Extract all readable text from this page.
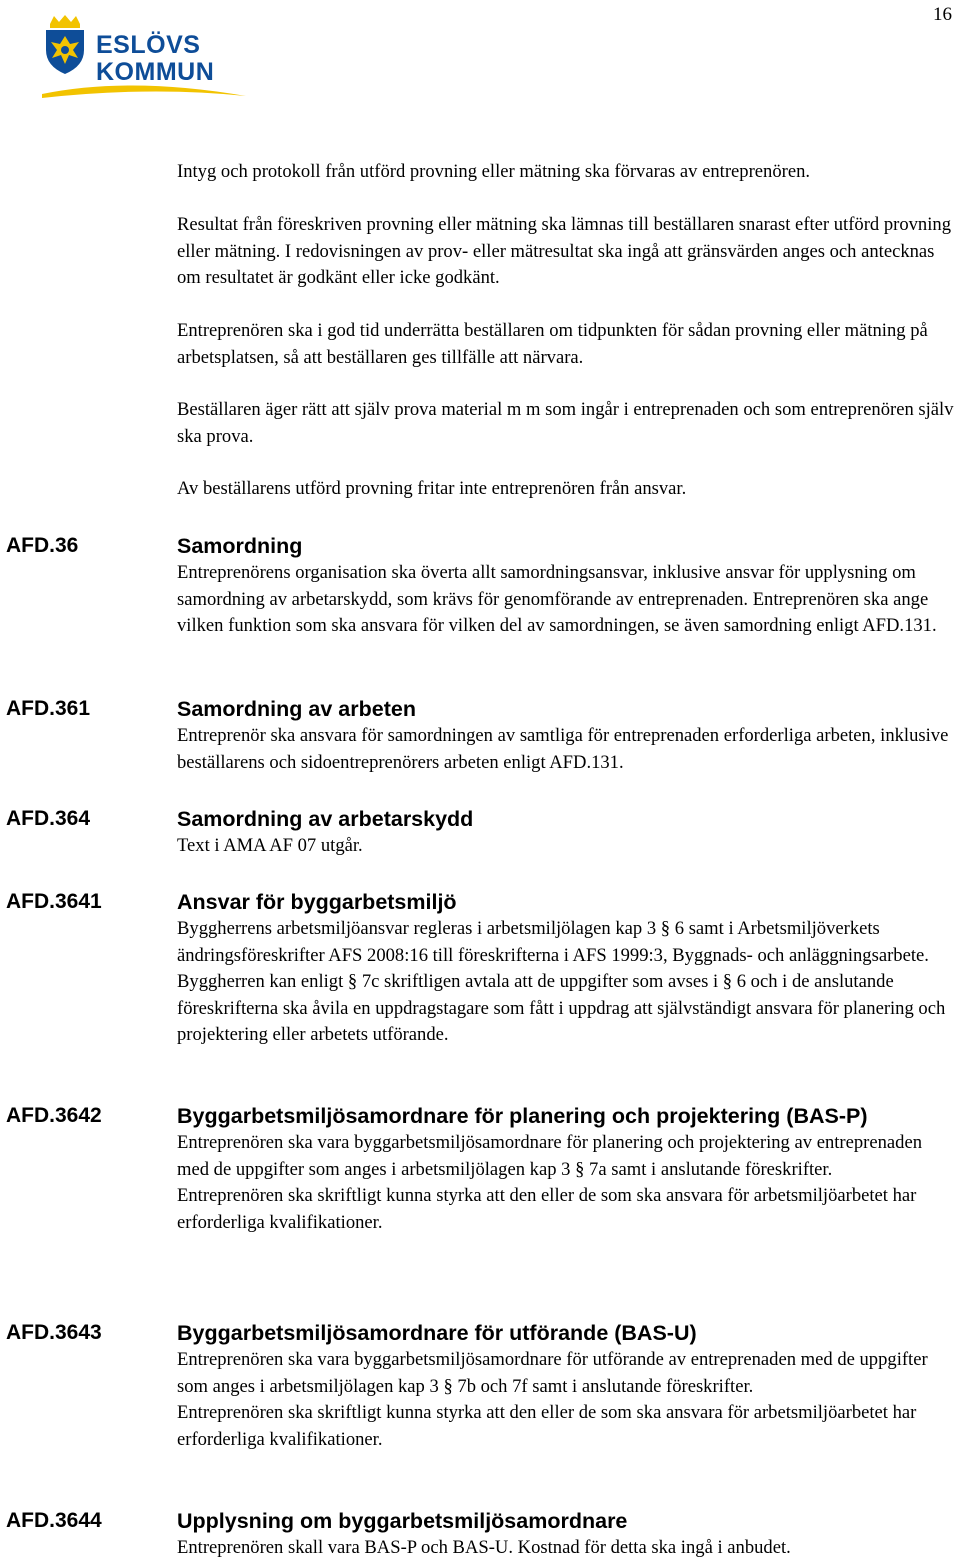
16
ESLÖVS
KOMMUN

Intyg och protokoll från utförd provning eller mätning ska förvaras av entreprenören.

Resultat från föreskriven provning eller mätning ska lämnas till beställaren snarast efter utförd provning eller mätning. I redovisningen av prov- eller mätresultat ska ingå att gränsvärden anges och antecknas om resultatet är godkänt eller icke godkänt.

Entreprenören ska i god tid underrätta beställaren om tidpunkten för sådan provning eller mätning på arbetsplatsen, så att beställaren ges tillfälle att närvara.

Beställaren äger rätt att själv prova material m m som ingår i entreprenaden och som entreprenören själv ska prova.

Av beställarens utförd provning fritar inte entreprenören från ansvar.

AFD.36	Samordning

Entreprenörens organisation ska överta allt samordningsansvar, inklusive ansvar för upplysning om samordning av arbetarskydd, som krävs för genomförande av entreprenaden. Entreprenören ska ange vilken funktion som ska ansvara för vilken del av samordningen, se även samordning enligt AFD.131.

AFD.361	Samordning av arbeten

Entreprenör ska ansvara för samordningen av samtliga för entreprenaden erforderliga arbeten, inklusive beställarens och sidoentreprenörers arbeten enligt AFD.131.

AFD.364	Samordning av arbetarskydd

Text i AMA AF 07 utgår.

AFD.3641	Ansvar för byggarbetsmiljö

Byggherrens arbetsmiljöansvar regleras i arbetsmiljölagen kap 3 § 6 samt i Arbetsmiljöverkets ändringsföreskrifter AFS 2008:16 till föreskrifterna i AFS 1999:3, Byggnads- och anläggningsarbete. Byggherren kan enligt § 7c skriftligen avtala att de uppgifter som avses i § 6 och i de anslutande föreskrifterna ska åvila en uppdragstagare som fått i uppdrag att självständigt ansvara för planering och projektering eller arbetets utförande.

AFD.3642	Byggarbetsmiljösamordnare för planering och projektering (BAS-P)

Entreprenören ska vara byggarbetsmiljösamordnare för planering och projektering av entreprenaden med de uppgifter som anges i arbetsmiljölagen kap 3 § 7a samt i anslutande föreskrifter.

Entreprenören ska skriftligt kunna styrka att den eller de som ska ansvara för arbetsmiljöarbetet har erforderliga kvalifikationer.

AFD.3643	Byggarbetsmiljösamordnare för utförande (BAS-U)

Entreprenören ska vara byggarbetsmiljösamordnare för utförande av entreprenaden med de uppgifter som anges i arbetsmiljölagen kap 3 § 7b och 7f samt i anslutande föreskrifter.

Entreprenören ska skriftligt kunna styrka att den eller de som ska ansvara för arbetsmiljöarbetet har erforderliga kvalifikationer.

AFD.3644	Upplysning om byggarbetsmiljösamordnare

Entreprenören skall vara BAS-P och BAS-U. Kostnad för detta ska ingå i anbudet.
